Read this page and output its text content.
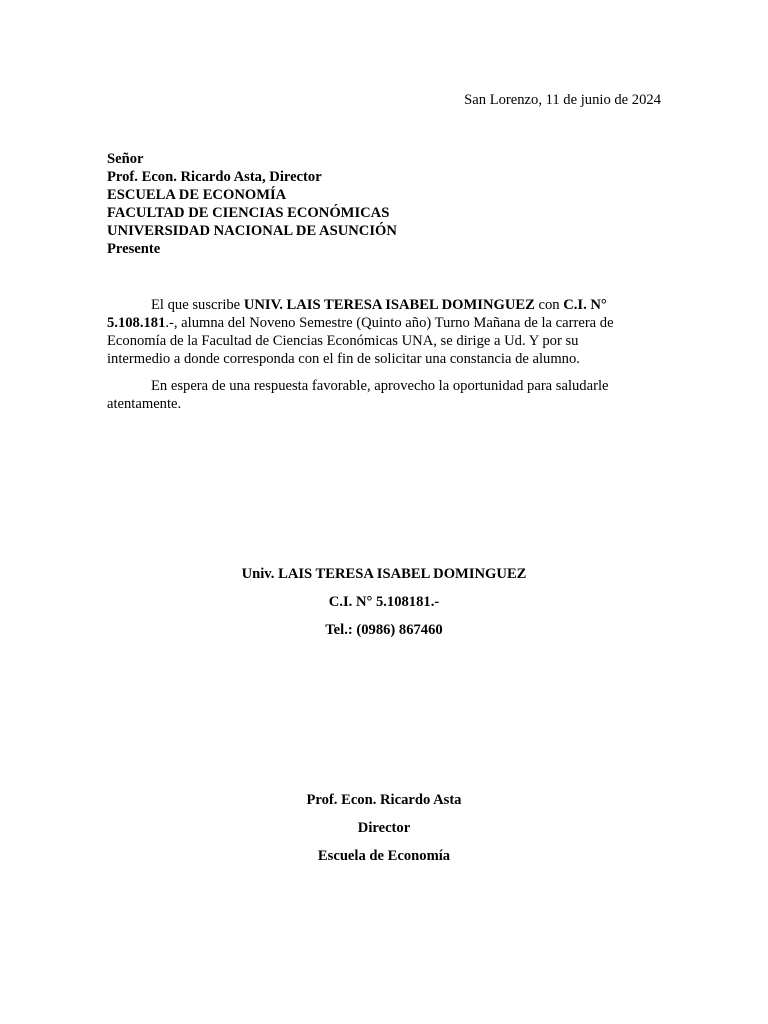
San Lorenzo, 11 de junio de 2024
Señor
Prof. Econ. Ricardo Asta, Director
ESCUELA DE ECONOMÍA
FACULTAD DE CIENCIAS ECONÓMICAS
UNIVERSIDAD NACIONAL DE ASUNCIÓN
Presente

El que suscribe UNIV. LAIS TERESA ISABEL DOMINGUEZ con C.I. N° 5.108.181.-, alumna del Noveno Semestre (Quinto año) Turno Mañana de la carrera de Economía de la Facultad de Ciencias Económicas UNA, se dirige a Ud. Y por su intermedio a donde corresponda con el fin de solicitar una constancia de alumno.

En espera de una respuesta favorable, aprovecho la oportunidad para saludarle atentamente.

Univ. LAIS TERESA ISABEL DOMINGUEZ
C.I. N° 5.108181.-
Tel.: (0986) 867460
Prof. Econ. Ricardo Asta
Director
Escuela de Economía
